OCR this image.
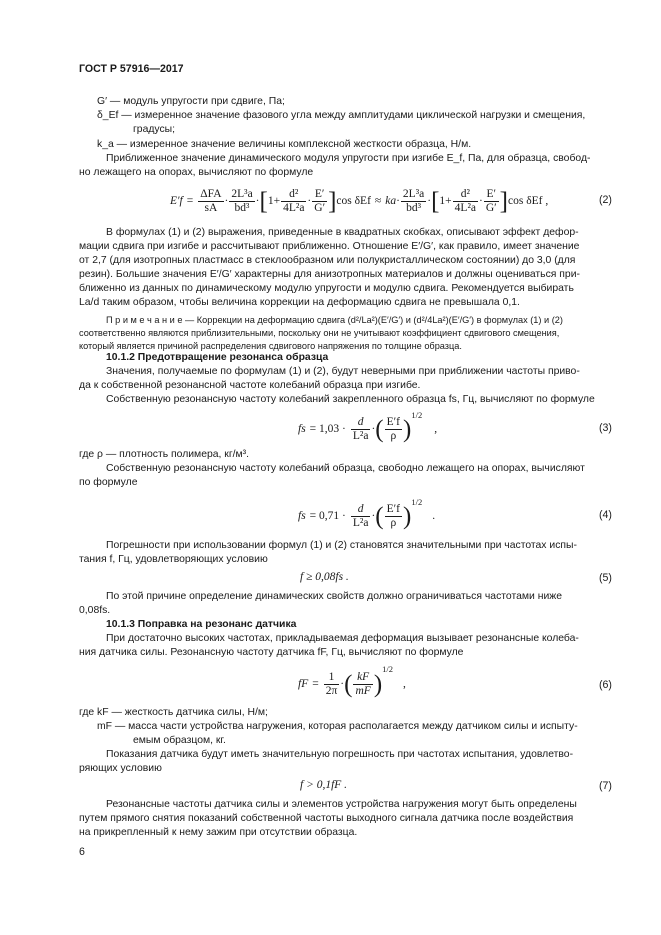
ГОСТ Р 57916—2017
G′ — модуль упругости при сдвиге, Па;
δ_Ef — измеренное значение фазового угла между амплитудами циклической нагрузки и смещения,
градусы;
k_a — измеренное значение величины комплексной жесткости образца, Н/м.
Приближенное значение динамического модуля упругости при изгибе E_f, Па, для образца, свобод-
но лежащего на опорах, вычисляют по формуле
$E'f = \frac{\text{ΔFA}}{sA} \cdot \frac{\text{2L³a}}{\text{bd³}}$ · [ $1+ \frac{\text{d²}}{\text{4L²a}} \cdot \frac{E'}{G'}$ ] cos δEf ≈ ka · $\frac{\text{2L³a}}{\text{bd³}}$ · [ $1+ \frac{\text{d²}}{\text{4L²a}} \cdot \frac{E'}{G'}$ ] cos δEf ,	(2)
В формулах (1) и (2) выражения, приведенные в квадратных скобках, описывают эффект дефор-
мации сдвига при изгибе и рассчитывают приближенно. Отношение E′/G′, как правило, имеет значение
от 2,7 (для изотропных пластмасс в стеклообразном или полукристаллическом состоянии) до 3,0 (для
резин). Большие значения E′/G′ характерны для анизотропных материалов и должны оцениваться при-
ближенно из данных по динамическому модулю упругости и модулю сдвига. Рекомендуется выбирать
La/d таким образом, чтобы величина коррекции на деформацию сдвига не превышала 0,1.
П р и м е ч а н и е — Коррекции на деформацию сдвига (d²/La²)(E′/G′) и (d²/4La²)(E′/G′) в формулах (1) и (2)
соответственно являются приблизительными, поскольку они не учитывают коэффициент сдвигового смещения,
который является причиной распределения сдвигового напряжения по толщине образца.
10.1.2 Предотвращение резонанса образца
Значения, получаемые по формулам (1) и (2), будут неверными при приближении частоты приво-
да к собственной резонансной частоте колебаний образца при изгибе.
Собственную резонансную частоту колебаний закрепленного образца fs, Гц, вычисляют по формуле
fs = $1,03 \cdot \frac{d}{\text{L²a}}$ · ( $\frac{E'f}{\rho}$ )
1/2
,	(3)
где ρ — плотность полимера, кг/м³.
Собственную резонансную частоту колебаний образца, свободно лежащего на опорах, вычисляют
по формуле
fs = $0,71 \cdot \frac{d}{\text{L²a}}$ · ( $\frac{E'f}{\rho}$ )
1/2
.	(4)
Погрешности при использовании формул (1) и (2) становятся значительными при частотах испы-
тания f, Гц, удовлетворяющих условию
f ≥ 0,08fs .	(5)
По этой причине определение динамических свойств должно ограничиваться частотами ниже
0,08fs.
10.1.3 Поправка на резонанс датчика
При достаточно высоких частотах, прикладываемая деформация вызывает резонансные колеба-
ния датчика силы. Резонансную частоту датчика fF, Гц, вычисляют по формуле
fF = $\frac{1}{2\pi}$ · ( $\frac{kF}{mF}$ )
1/2
,	(6)
где kF — жесткость датчика силы, Н/м;
mF — масса части устройства нагружения, которая располагается между датчиком силы и испыту-
емым образцом, кг.
Показания датчика будут иметь значительную погрешность при частотах испытания, удовлетво-
ряющих условию
f > 0,1fF .	(7)
Резонансные частоты датчика силы и элементов устройства нагружения могут быть определены
путем прямого снятия показаний собственной частоты выходного сигнала датчика после воздействия
на прикрепленный к нему зажим при отсутствии образца.
6
